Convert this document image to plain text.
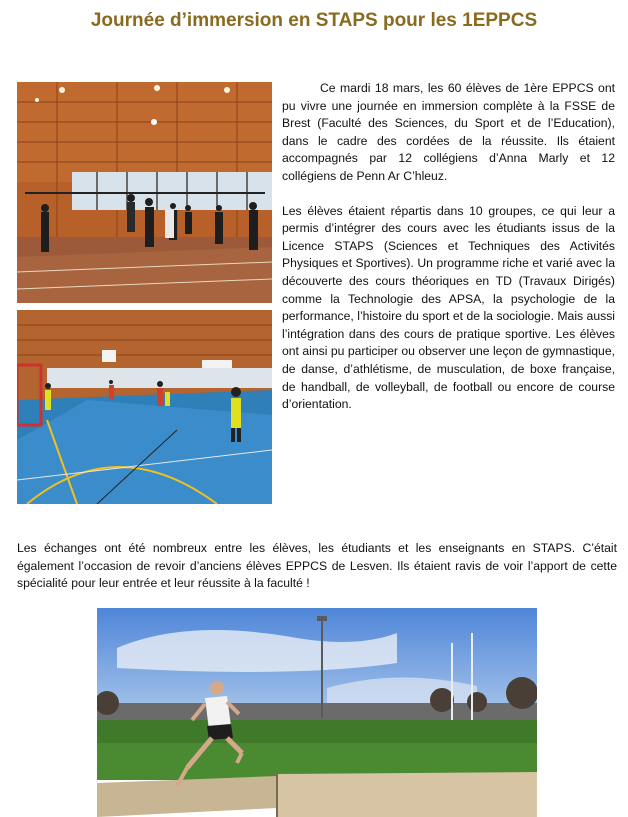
Journée d’immersion en STAPS pour les 1EPPCS

Ce mardi 18 mars, les 60 élèves de 1ère EPPCS ont pu vivre une journée en immersion complète à la FSSE de Brest (Faculté des Sciences, du Sport et de l’Education), dans le cadre des cordées de la réussite. Ils étaient accompagnés par 12 collégiens d’Anna Marly et 12 collégiens de Penn Ar C’hleuz.

Les élèves étaient répartis dans 10 groupes, ce qui leur a permis d’intégrer des cours avec les étudiants issus de la Licence STAPS (Sciences et Techniques des Activités Physiques et Sportives). Un programme riche et varié avec la découverte des cours théoriques en TD (Travaux Dirigés) comme la Technologie des APSA, la psychologie de la performance, l’histoire du sport et de la sociologie. Mais aussi l’intégration dans des cours de pratique sportive. Les élèves ont ainsi pu participer ou observer une leçon de gymnastique, de danse, d’athlétisme, de musculation, de boxe française, de handball, de volleyball, de football ou encore de course d’orientation.

Les échanges ont été nombreux entre les élèves, les étudiants et les enseignants en STAPS. C’était également l’occasion de revoir d’anciens élèves EPPCS de Lesven. Ils étaient ravis de voir l’apport de cette spécialité pour leur entrée et leur réussite à la faculté !
